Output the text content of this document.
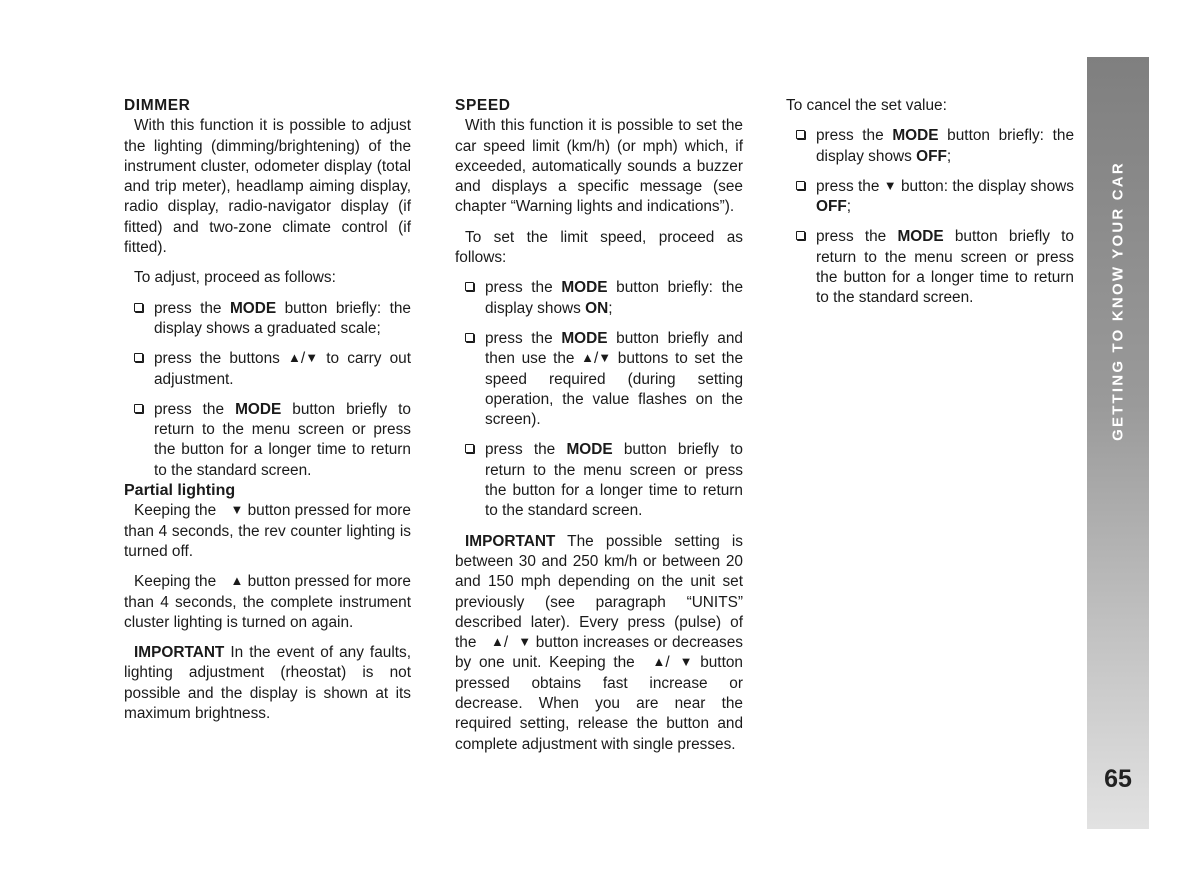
DIMMER

With this function it is possible to adjust the lighting (dimming/brightening) of the instrument cluster, odometer display (total and trip meter), headlamp aiming display, radio display, radio-navigator display (if fitted) and two-zone climate control (if fitted).

To adjust, proceed as follows:

press the MODE button briefly: the display shows a graduated scale;
press the buttons ▲/▼ to carry out adjustment.
press the MODE button briefly to return to the menu screen or press the button for a longer time to return to the standard screen.

Partial lighting

Keeping the ▼ button pressed for more than 4 seconds, the rev counter lighting is turned off.

Keeping the ▲ button pressed for more than 4 seconds, the complete instrument cluster lighting is turned on again.

IMPORTANT In the event of any faults, lighting adjustment (rheostat) is not possible and the display is shown at its maximum brightness.

SPEED

With this function it is possible to set the car speed limit (km/h) (or mph) which, if exceeded, automatically sounds a buzzer and displays a specific message (see chapter “Warning lights and indications”).

To set the limit speed, proceed as follows:

press the MODE button briefly: the display shows ON;
press the MODE button briefly and then use the ▲/▼ buttons to set the speed required (during setting operation, the value flashes on the screen).
press the MODE button briefly to return to the menu screen or press the button for a longer time to return to the standard screen.

IMPORTANT The possible setting is between 30 and 250 km/h or between 20 and 150 mph depending on the unit set previously (see paragraph “UNITS” described later). Every press (pulse) of the ▲/ ▼ button increases or decreases by one unit. Keeping the ▲/ ▼ button pressed obtains fast increase or decrease. When you are near the required setting, release the button and complete adjustment with single presses.

To cancel the set value:

press the MODE button briefly: the display shows OFF;
press the ▼ button: the display shows OFF;
press the MODE button briefly to return to the menu screen or press the button for a longer time to return to the standard screen.	GETTING TO KNOW YOUR CAR
65
